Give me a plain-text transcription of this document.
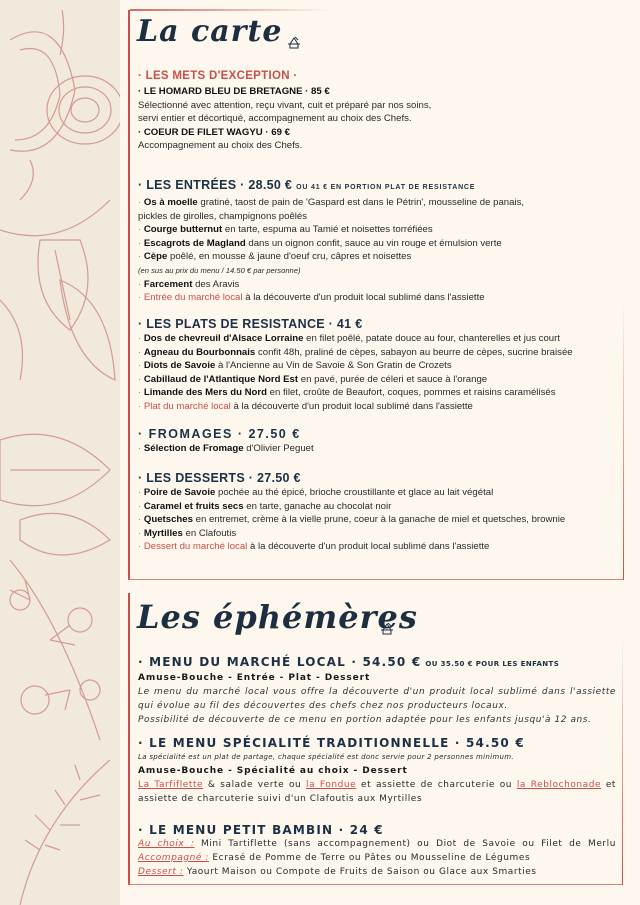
La carte
· LES METS D'EXCEPTION ·
· LE HOMARD BLEU DE BRETAGNE · 85 €
Sélectionné avec attention, reçu vivant, cuit et préparé par nos soins,
servi entier et décortiqué, accompagnement au choix des Chefs.
· COEUR DE FILET WAGYU · 69 €
Accompagnement au choix des Chefs.
· LES ENTRÉES · 28.50 € OU 41 € EN PORTION PLAT DE RESISTANCE
· Os à moelle gratiné, taost de pain de 'Gaspard est dans le Pétrin', mousseline de panais,
pickles de girolles, champignons poêlés
· Courge butternut en tarte, espuma au Tamié et noisettes torréfiées
· Escagrots de Magland dans un oignon confit, sauce au vin rouge et émulsion verte
· Cèpe poêlé, en mousse & jaune d'oeuf cru, câpres et noisettes
(en sus au prix du menu / 14.50 € par personne)
· Farcement des Aravis
· Entrée du marché local à la découverte d'un produit local sublimé dans l'assiette
· LES PLATS DE RESISTANCE · 41 €
· Dos de chevreuil d'Alsace Lorraine en filet poêlé, patate douce au four, chanterelles et jus court
· Agneau du Bourbonnais confit 48h, praliné de cèpes, sabayon au beurre de cèpes, sucrine braisée
· Diots de Savoie à l'Ancienne au Vin de Savoie & Son Gratin de Crozets
· Cabillaud de l'Atlantique Nord Est en pavé, purée de céleri et sauce à l'orange
· Limande des Mers du Nord en filet, croûte de Beaufort, coques, pommes et raisins caramélisés
· Plat du marché local à la découverte d'un produit local sublimé dans l'assiette
· FROMAGES · 27.50 €
· Sélection de Fromage d'Olivier Peguet
· LES DESSERTS · 27.50 €
· Poire de Savoie pochée au thé épicé, brioche croustillante et glace au lait végétal
· Caramel et fruits secs en tarte, ganache au chocolat noir
· Quetsches en entremet, crème à la vielle prune, coeur à la ganache de miel et quetsches, brownie
· Myrtilles en Clafoutis
· Dessert du marché local à la découverte d'un produit local sublimé dans l'assiette
Les éphémères
· MENU DU MARCHÉ LOCAL · 54.50 € OU 35.50 € POUR LES ENFANTS
Amuse-Bouche - Entrée - Plat - Dessert
Le menu du marché local vous offre la découverte d'un produit local sublimé dans l'assiette qui évolue au fil des découvertes des chefs chez nos producteurs locaux.
Possibilité de découverte de ce menu en portion adaptée pour les enfants jusqu'à 12 ans.
· LE MENU SPÉCIALITÉ TRADITIONNELLE · 54.50 €
La spécialité est un plat de partage, chaque spécialité est donc servie pour 2 personnes minimum.
Amuse-Bouche - Spécialité au choix - Dessert
La Tarfiflette & salade verte ou la Fondue et assiette de charcuterie ou la Reblochonade et assiette de charcuterie suivi d'un Clafoutis aux Myrtilles
· LE MENU PETIT BAMBIN · 24 €
Au choix : Mini Tartiflette (sans accompagnement) ou Diot de Savoie ou Filet de Merlu Accompagné : Ecrasé de Pomme de Terre ou Pâtes ou Mousseline de Légumes
Dessert : Yaourt Maison ou Compote de Fruits de Saison ou Glace aux Smarties
